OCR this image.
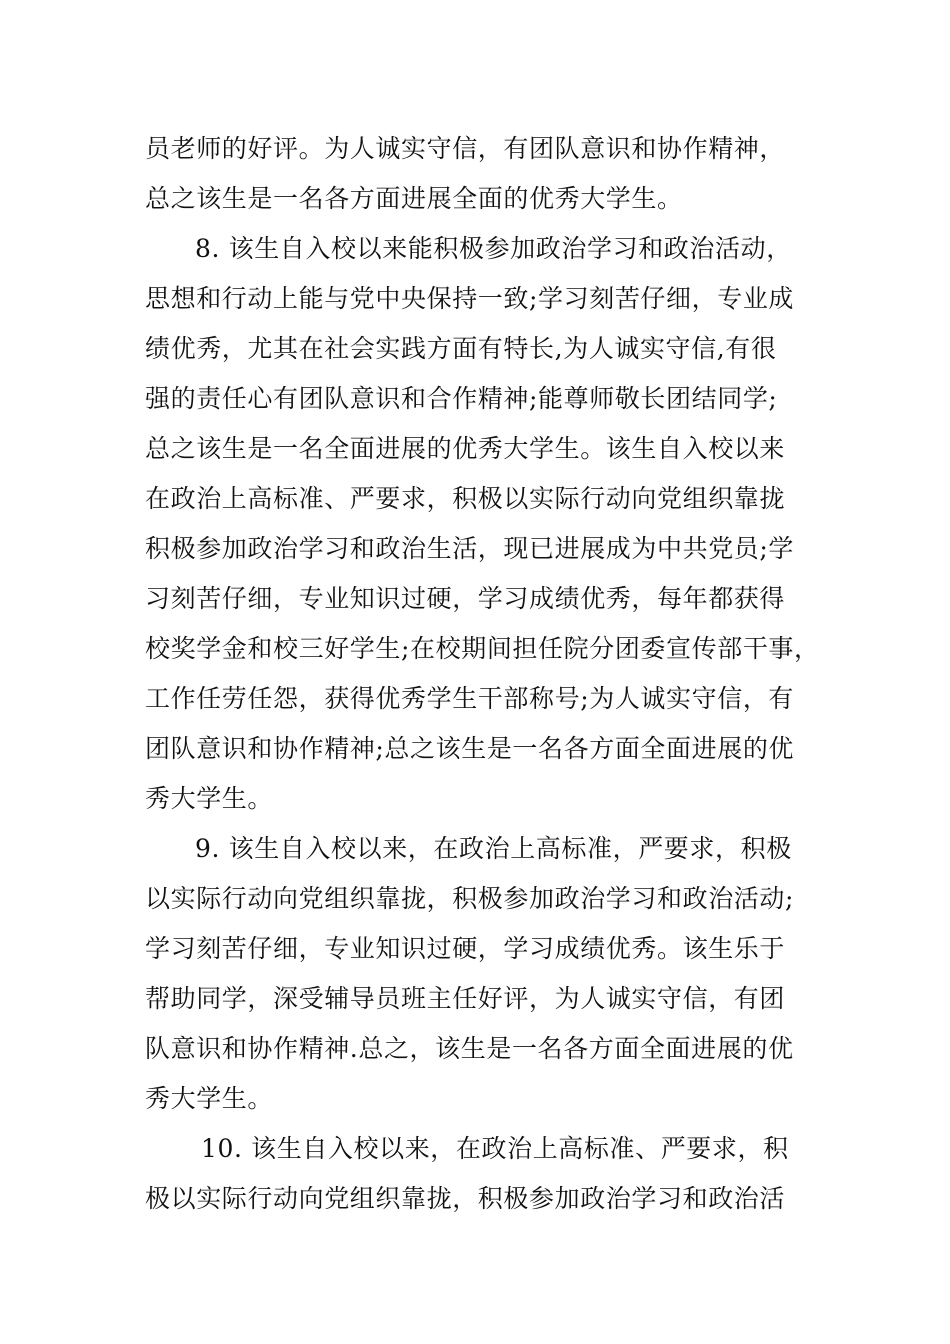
员老师的好评。为人诚实守信，有团队意识和协作精神，
总之该生是一名各方面进展全面的优秀大学生。
8. 该生自入校以来能积极参加政治学习和政治活动，
思想和行动上能与党中央保持一致;学习刻苦仔细，专业成
绩优秀，尤其在社会实践方面有特长,为人诚实守信,有很
强的责任心有团队意识和合作精神;能尊师敬长团结同学;
总之该生是一名全面进展的优秀大学生。该生自入校以来
在政治上高标准、严要求，积极以实际行动向党组织靠拢
积极参加政治学习和政治生活，现已进展成为中共党员;学
习刻苦仔细，专业知识过硬，学习成绩优秀，每年都获得
校奖学金和校三好学生;在校期间担任院分团委宣传部干事，
工作任劳任怨，获得优秀学生干部称号;为人诚实守信，有
团队意识和协作精神;总之该生是一名各方面全面进展的优
秀大学生。
9. 该生自入校以来，在政治上高标准，严要求，积极
以实际行动向党组织靠拢，积极参加政治学习和政治活动;
学习刻苦仔细，专业知识过硬，学习成绩优秀。该生乐于
帮助同学，深受辅导员班主任好评，为人诚实守信，有团
队意识和协作精神.总之，该生是一名各方面全面进展的优
秀大学生。
10. 该生自入校以来，在政治上高标准、严要求，积
极以实际行动向党组织靠拢，积极参加政治学习和政治活
